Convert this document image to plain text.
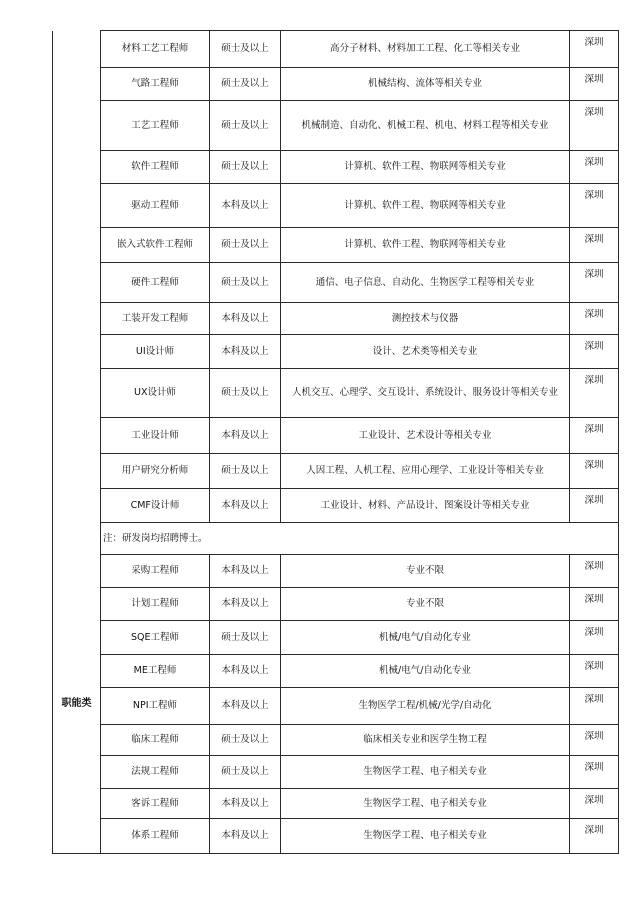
	材料工艺工程师	硕士及以上	高分子材料、材料加工工程、化工等相关专业	深圳
	气路工程师	硕士及以上	机械结构、流体等相关专业	深圳
	工艺工程师	硕士及以上	机械制造、自动化、机械工程、机电、材料工程等相关专业	深圳
	软件工程师	硕士及以上	计算机、软件工程、物联网等相关专业	深圳
	驱动工程师	本科及以上	计算机、软件工程、物联网等相关专业	深圳
	嵌入式软件工程师	硕士及以上	计算机、软件工程、物联网等相关专业	深圳
	硬件工程师	硕士及以上	通信、电子信息、自动化、生物医学工程等相关专业	深圳
	工装开发工程师	本科及以上	测控技术与仪器	深圳
	UI设计师	本科及以上	设计、艺术类等相关专业	深圳
	UX设计师	硕士及以上	人机交互、心理学、交互设计、系统设计、服务设计等相关专业	深圳
	工业设计师	本科及以上	工业设计、艺术设计等相关专业	深圳
	用户研究分析师	硕士及以上	人因工程、人机工程、应用心理学、工业设计等相关专业	深圳
	CMF设计师	本科及以上	工业设计、材料、产品设计、图案设计等相关专业	深圳
	注：研发岗均招聘博士。			
职能类	采购工程师	本科及以上	专业不限	深圳
	计划工程师	本科及以上	专业不限	深圳
	SQE工程师	硕士及以上	机械/电气/自动化专业	深圳
	ME工程师	本科及以上	机械/电气/自动化专业	深圳
	NPI工程师	本科及以上	生物医学工程/机械/光学/自动化	深圳
	临床工程师	硕士及以上	临床相关专业和医学生物工程	深圳
	法规工程师	硕士及以上	生物医学工程、电子相关专业	深圳
	客诉工程师	本科及以上	生物医学工程、电子相关专业	深圳
	体系工程师	本科及以上	生物医学工程、电子相关专业	深圳
